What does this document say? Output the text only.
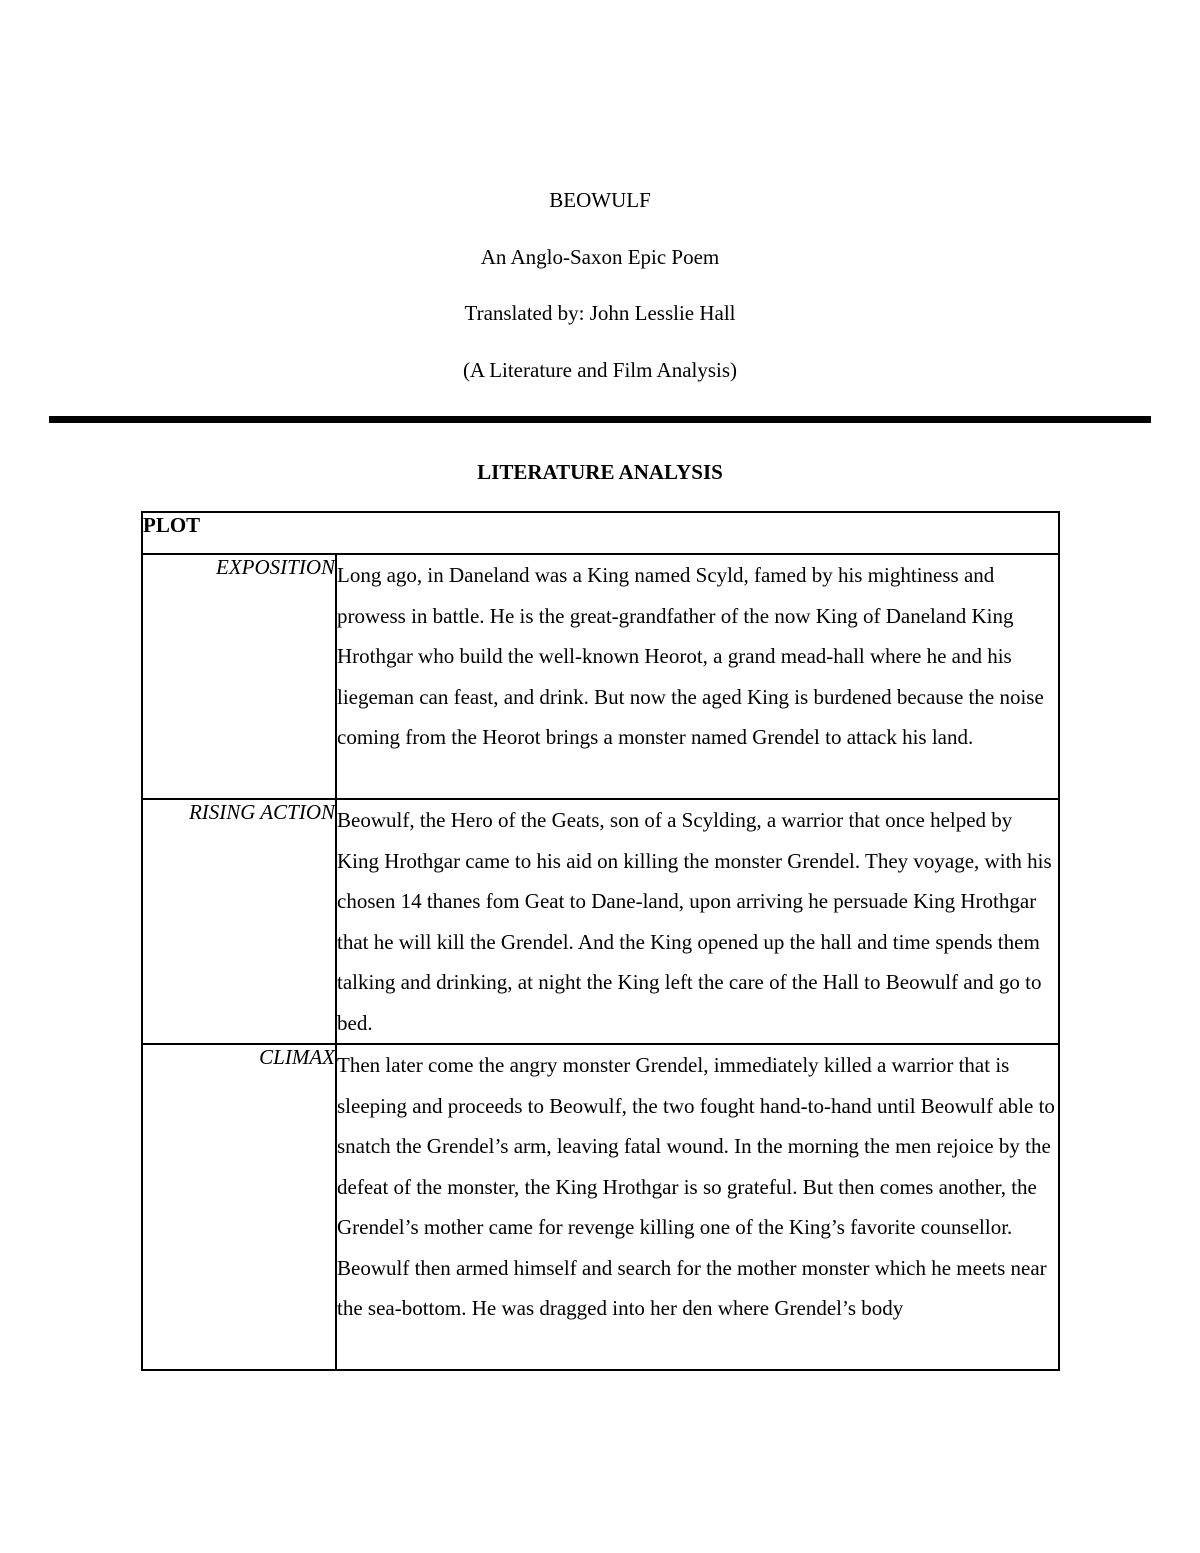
BEOWULF

An Anglo-Saxon Epic Poem

Translated by: John Lesslie Hall

(A Literature and Film Analysis)

LITERATURE ANALYSIS
PLOT	
EXPOSITION	Long ago, in Daneland was a King named Scyld, famed by his mightiness and prowess in battle. He is the great-grandfather of the now King of Daneland King Hrothgar who build the well-known Heorot, a grand mead-hall where he and his liegeman can feast, and drink. But now the aged King is burdened because the noise coming from the Heorot brings a monster named Grendel to attack his land.
RISING ACTION	Beowulf, the Hero of the Geats, son of a Scylding, a warrior that once helped by King Hrothgar came to his aid on killing the monster Grendel. They voyage, with his chosen 14 thanes fom Geat to Dane-land, upon arriving he persuade King Hrothgar that he will kill the Grendel. And the King opened up the hall and time spends them talking and drinking, at night the King left the care of the Hall to Beowulf and go to bed.
CLIMAX	Then later come the angry monster Grendel, immediately killed a warrior that is sleeping and proceeds to Beowulf, the two fought hand-to-hand until Beowulf able to snatch the Grendel’s arm, leaving fatal wound. In the morning the men rejoice by the defeat of the monster, the King Hrothgar is so grateful. But then comes another, the Grendel’s mother came for revenge killing one of the King’s favorite counsellor. Beowulf then armed himself and search for the mother monster which he meets near the sea-bottom. He was dragged into her den where Grendel’s body
